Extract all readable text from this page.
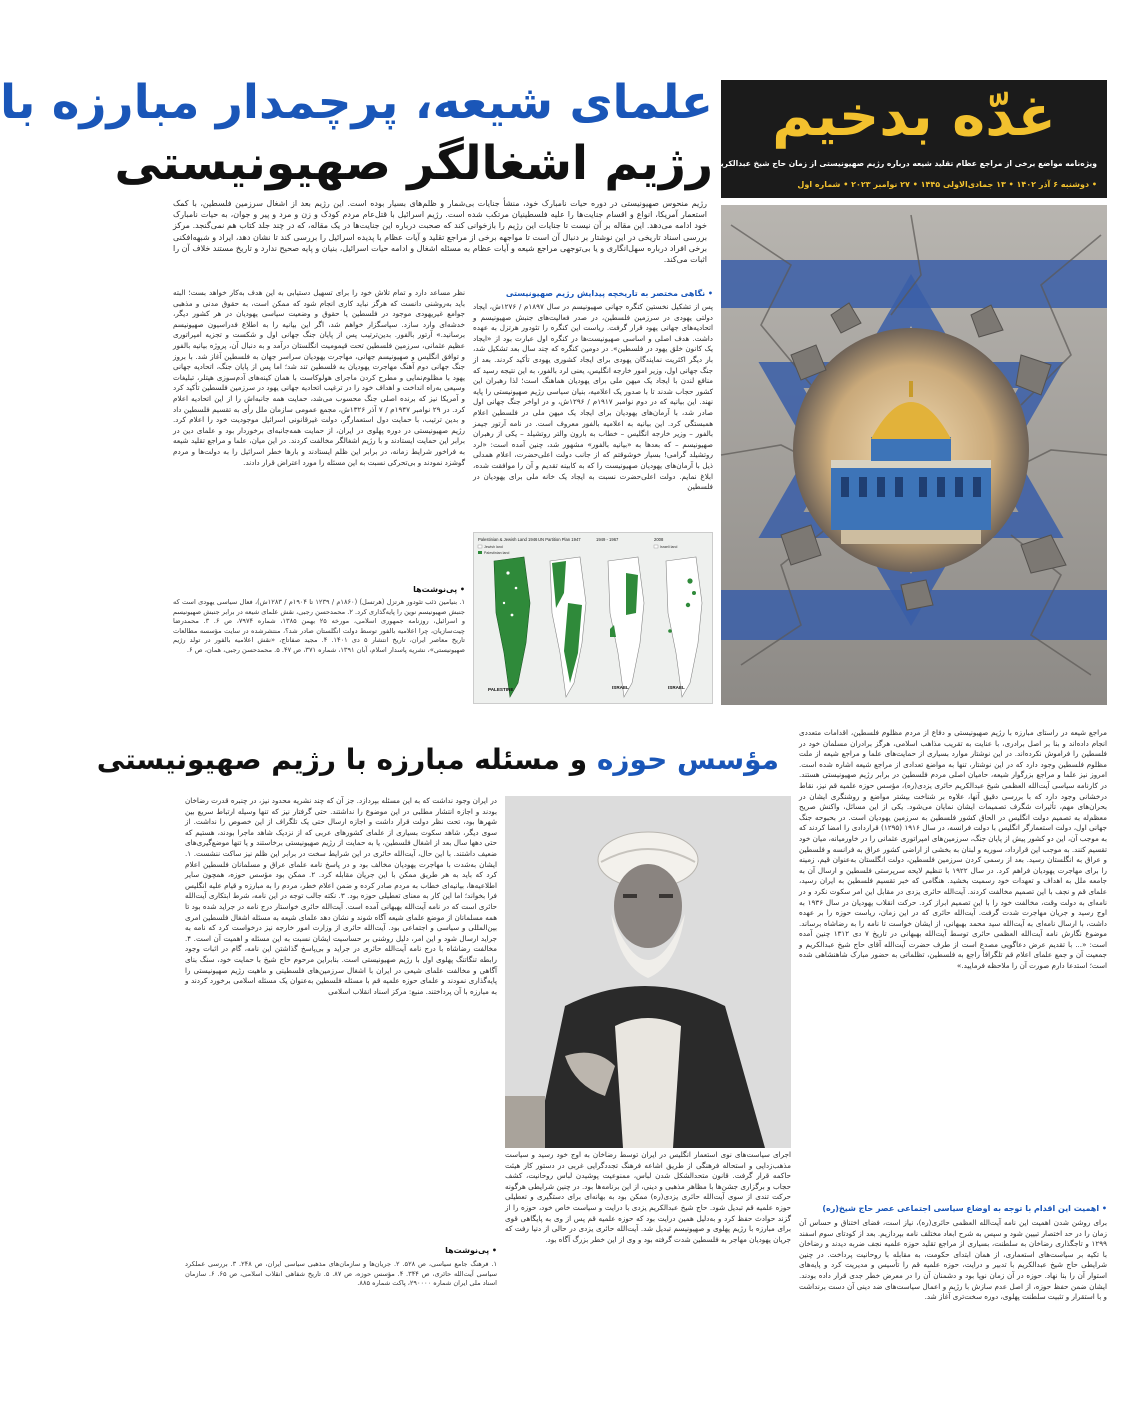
غدّه بدخیم
ویژه‌نامه مواضع برخی از مراجع عظام تقلید شیعه درباره رژیم صهیونیستی از زمان حاج شیخ عبدالکریم یزدی‌(ره) تا امام خمینی(ره)
• دوشنبه ۶ آذر ۱۴۰۲ • ۱۳ جمادی‌الاولی ۱۴۴۵ • ۲۷ نوامبر ۲۰۲۳ • شماره اول
علمای شیعه، پرچمدار مبارزه با
رژیم اشغالگر صهیونیستی
رژیم منحوس صهیونیستی در دوره حیات نامبارک خود، منشأ جنایات بی‌شمار و ظلم‌های بسیار بوده است. این رژیم بعد از اشغال سرزمین فلسطین، با کمک استعمار آمریکا، انواع و اقسام جنایت‌ها را علیه فلسطینیان مرتکب شده است. رژیم اسرائیل با قتل‌عام مردم کودک و زن و مرد و پیر و جوان، به حیات نامبارک خود ادامه می‌دهد. این مقاله بر آن نیست تا جنایات این رژیم را بازخوانی کند که صحبت درباره این جنایت‌ها در یک مقاله، که در چند جلد کتاب هم نمی‌گنجد. مرکز بررسی اسناد تاریخی در این نوشتار بر دنبال آن است تا مواجهه برخی از مراجع تقلید و آیات عظام با پدیده اسرائیل را بررسی کند تا نشان دهد، ایراد و شبهه‌افکنی برخی افراد درباره سهل‌انگاری و یا بی‌توجهی مراجع شیعه و آیات عظام به مسئله اشغال و ادامه حیات اسرائیل، بنیان و پایه صحیح ندارد و تاریخ مستند خلاف آن را اثبات می‌کند.
• نگاهی مختصر به تاریخچه پیدایش رژیم صهیونیستی
پس از تشکیل نخستین کنگره جهانی صهیونیسم در سال ۱۸۹۷م / ۱۲۷۶ش، ایجاد دولتی یهودی در سرزمین فلسطین، در صدر فعالیت‌های جنبش صهیونیسم و اتحادیه‌های جهانی یهود قرار گرفت. ریاست این کنگره را تئودور هرتزل به عهده داشت. هدف اصلی و اساسی صهیونیست‌ها در کنگره اول عبارت بود از «ایجاد یک کانون خلق یهود در فلسطین». در دومین کنگره که چند سال بعد تشکیل شد، بار دیگر اکثریت نمایندگان یهودی برای ایجاد کشوری یهودی تأکید کردند. بعد از جنگ جهانی اول، وزیر امور خارجه انگلیس، یعنی لرد بالفور، به این نتیجه رسید که منافع لندن با ایجاد یک میهن ملی برای یهودیان هماهنگ است؛ لذا رهبران این کشور حجاب شدند تا با صدور یک اعلامیه، بنیان سیاسی رژیم صهیونیستی را پایه نهند. این بیانیه که در دوم نوامبر ۱۹۱۷م / ۱۲۹۶ش، و در اواخر جنگ جهانی اول صادر شد، با آرمان‌های یهودیان برای ایجاد یک میهن ملی در فلسطین اعلام همبستگی کرد. این بیانیه به اعلامیه بالفور معروف است. در نامه آرتور جیمز بالفور – وزیر خارجه انگلیس – خطاب به بارون والتر روتشیلد – یکی از رهبران صهیونیسم – که بعدها به «بیانیه بالفور» مشهور شد، چنین آمده است: «لرد روتشیلد گرامی! بسیار خوشوقتم که از جانب دولت اعلی‌حضرت، اعلام همدلی ذیل با آرمان‌های یهودیان صهیونیست را که به کابینه تقدیم و آن را موافقت شده، ابلاغ نمایم. دولت اعلی‌حضرت نسبت به ایجاد یک خانه ملی برای یهودیان در فلسطین
نظر مساعد دارد و تمام تلاش خود را برای تسهیل دستیابی به این هدف به‌کار خواهد بست؛ البته باید به‌روشنی دانست که هرگز نباید کاری انجام شود که ممکن است، به حقوق مدنی و مذهبی جوامع غیریهودی موجود در فلسطین یا حقوق و وضعیت سیاسی یهودیان در هر کشور دیگر، خدشه‌ای وارد سازد. سپاسگزار خواهم شد، اگر این بیانیه را به اطلاع فدراسیون صهیونیسم برسانید.» آرتور بالفور. بدین‌ترتیب پس از پایان جنگ جهانی اول و شکست و تجزیه امپراتوری عظیم عثمانی، سرزمین فلسطین تحت قیمومیت انگلستان درآمد و به دنبال آن، پروژه بیانیه بالفور و توافق انگلیس و صهیونیسم جهانی، مهاجرت یهودیان سراسر جهان به فلسطین آغاز شد. با بروز جنگ جهانی دوم آهنگ مهاجرت یهودیان به فلسطین تند شد؛ اما پس از پایان جنگ، اتحادیه جهانی یهود با مظلوم‌نمایی و مطرح کردن ماجرای هولوکاست با همان کینه‌های آدم‌سوزی هیتلر، تبلیغات وسیعی به‌راه انداخت و اهداف خود را در ترغیب اتحادیه جهانی یهود در سرزمین فلسطین تأکید کرد و آمریکا نیز که برنده اصلی جنگ محسوب می‌شد، حمایت همه جانبه‌اش را از این اتحادیه اعلام کرد. در ۲۹ نوامبر ۱۹۴۷م / ۷ آذر ۱۳۲۶ش، مجمع عمومی سازمان ملل رأی به تقسیم فلسطین داد و بدین ترتیب، با حمایت دول استعمارگر، دولت غیرقانونی اسرائیل موجودیت خود را اعلام کرد. رژیم صهیونیستی در دوره پهلوی در ایران، از حمایت همه‌جانبه‌ای برخوردار بود و علمای دین در برابر این حمایت ایستادند و با رژیم اشغالگر مخالفت کردند. در این میان، علما و مراجع تقلید شیعه به فراخور شرایط زمانه، در برابر این ظلم ایستادند و بارها خطر اسرائیل را به دولت‌ها و مردم گوشزد نمودند و بی‌تحرکی نسبت به این مسئله را مورد اعتراض قرار دادند.
• پی‌نوشت‌ها
۱. بنیامین ذئب تئودور هرتزل (هرتسل) (۱۸۶۰م / ۱۲۳۹ تا ۱۹۰۴م / ۱۲۸۳ش)، فعال سیاسی یهودی است که جنبش صهیونیسم نوین را پایه‌گذاری کرد. ۲. محمدحسن رجبی، نقش علمای شیعه در برابر جنبش صهیونیسم و اسرائیل، روزنامه جمهوری اسلامی، مورخه ۲۵ بهمن ۱۳۸۵، شماره ۷۹۷۴، ص ۶. ۳. محمدرضا چیت‌سازیان، چرا اعلامیه بالفور توسط دولت انگلستان صادر شد؟، منتشرشده در سایت مؤسسه مطالعات تاریخ معاصر ایران، تاریخ انتشار ۵ دی ۱۴۰۱. ۴. مجید صفاتاج، «نقش اعلامیه بالفور در تولد رژیم صهیونیستی»، نشریه پاسدار اسلام، آبان ۱۳۹۱، شماره ۳۷۱، ص ۴۷. ۵. محمدحسن رجبی، همان، ص ۶.
Palestinian & Jewish Land 1946
Jewish land
Palestinian land
PALESTINE
UN Partition Plan 1947	1949 - 1967
ISRAEL
2008
Israeli land
ISRAEL
مؤسس حوزه و مسئله مبارزه با رژیم صهیونیستی
اجرای سیاست‌های نوی استعمار انگلیس در ایران توسط رضاخان به اوج خود رسید و سیاست مذهب‌زدایی و استحاله فرهنگی از طریق اشاعه فرهنگ تجددگرایی غربی در دستور کار هیئت حاکمه قرار گرفت. قانون متحدالشکل شدن لباس، ممنوعیت پوشیدن لباس روحانیت، کشف حجاب و برگزاری جشن‌ها با مظاهر مذهبی و دینی، از این برنامه‌ها بود. در چنین شرایطی هرگونه حرکت تندی از سوی آیت‌الله حائری یزدی(ره) ممکن بود به بهانه‌ای برای دستگیری و تعطیلی حوزه علمیه قم تبدیل شود. حاج شیخ عبدالکریم یزدی با درایت و سیاست خاص خود، حوزه را از گزند حوادث حفظ کرد و به‌دلیل همین درایت بود که حوزه علمیه قم پس از وی به پایگاهی قوی برای مبارزه با رژیم پهلوی و صهیونیسم تبدیل شد. آیت‌الله حائری یزدی در حالی از دنیا رفت که جریان یهودیان مهاجر به فلسطین شدت گرفته بود و وی از این خطر بزرگ آگاه بود.
در ایران وجود نداشت که به این مسئله بپردازد. جز آن که چند نشریه محدود نیز، در چنبره قدرت رضاخان بودند و اجازه انتشار مطلبی در این موضوع را نداشتند. حتی گرفتار نیز که تنها وسیله ارتباط سریع بین شهرها بود، تحت نظر دولت قرار داشت و اجازه ارسال حتی یک تلگراف از این خصوص را نداشت. از سوی دیگر، شاهد سکوت بسیاری از علمای کشورهای عربی که از نزدیک شاهد ماجرا بودند، هستیم که حتی دهها سال بعد از اشغال فلسطین، یا به حمایت از رژیم صهیونیستی برخاستند و یا تنها موضع‌گیری‌های ضعیف داشتند. با این حال، آیت‌الله حائری در این شرایط سخت در برابر این ظلم نیز ساکت ننشست. ۱. ایشان به‌شدت با مهاجرت یهودیان مخالف بود و در پاسخ نامه علمای عراق و مسلمانان فلسطین اعلام کرد که باید به هر طریق ممکن با این جریان مقابله کرد. ۲. ممکن بود مؤسس حوزه، همچون سایر اطلاعیه‌ها، بیانیه‌ای خطاب به مردم صادر کرده و ضمن اعلام خطر، مردم را به مبارزه و قیام علیه انگلیس فرا بخواند؛ اما این کار به معنای تعطیلی حوزه بود. ۳. نکته جالب توجه در این نامه، شرط ابتکاری آیت‌الله حائری است که در نامه آیت‌الله بهبهانی آمده است. آیت‌الله حائری خواستار درج نامه در جراید شده بود تا همه مسلمانان از موضع علمای شیعه آگاه شوند و نشان دهد علمای شیعه به مسئله اشغال فلسطین امری بین‌المللی و سیاسی و اجتماعی بود. آیت‌الله حائری از وزارت امور خارجه نیز درخواست کرد که نامه به جراید ارسال شود و این امر، دلیل روشنی بر حساسیت ایشان نسبت به این مسئله و اهمیت آن است. ۴. مخالفت رضاشاه با درج نامه آیت‌الله حائری در جراید و بی‌پاسخ گذاشتن این نامه، گام در اثبات وجود رابطه تنگاتنگ پهلوی اول با رژیم صهیونیستی است. بنابراین مرحوم حاج شیخ با حمایت خود، سنگ بنای آگاهی و مخالفت علمای شیعی در ایران با اشغال سرزمین‌های فلسطینی و ماهیت رژیم صهیونیستی را پایه‌گذاری نمودند و علمای حوزه علمیه قم با مسئله فلسطین به‌عنوان یک مسئله اسلامی برخورد کردند و به مبارزه با آن پرداختند. منبع: مرکز اسناد انقلاب اسلامی
• پی‌نوشت‌ها
۱. فرهنگ جامع سیاسی، ص ۵۲۸. ۲. جریان‌ها و سازمان‌های مذهبی سیاسی ایران، ص ۲۴۸. ۳. بررسی عملکرد سیاسی آیت‌الله حائری، ص ۳۴۴. ۴. مؤسس حوزه، ص ۸۷. ۵. تاریخ شفاهی انقلاب اسلامی، ص ۶۵. ۶. سازمان اسناد ملی ایران شماره ۲۹۰۰۰۰، پاکت شماره ۸۸۵.
مراجع شیعه در راستای مبارزه با رژیم صهیونیستی و دفاع از مردم مظلوم فلسطین، اقدامات متعددی انجام داده‌اند و بنا بر اصل برادری، با عنایت به تقریب مذاهب اسلامی، هرگز برادران مسلمان خود در فلسطین را فراموش نکرده‌اند. در این نوشتار موارد بسیاری از حمایت‌های علما و مراجع شیعه از ملت مظلوم فلسطین وجود دارد که در این نوشتار، تنها به مواضع تعدادی از مراجع شیعه اشاره شده است. امروز نیز علما و مراجع بزرگوار شیعه، حامیان اصلی مردم فلسطین در برابر رژیم صهیونیستی هستند. در کارنامه سیاسی آیت‌الله العظمی شیخ عبدالکریم حائری یزدی(ره)، مؤسس حوزه علمیه قم نیز، نقاط درخشانی وجود دارد که با بررسی دقیق آنها، علاوه بر شناخت بیشتر مواضع و روشنگری ایشان در بحران‌های مهم، تأثیرات شگرف تصمیمات ایشان نمایان می‌شود. یکی از این مسائل، واکنش صریح معظم‌له به تصمیم دولت انگلیس در الحاق کشور فلسطین به سرزمین یهودیان است. در بحبوحه جنگ جهانی اول، دولت استعمارگر انگلیس با دولت فرانسه، در سال ۱۹۱۶ (۱۲۹۵) قراردادی را امضا کردند که به موجب آن، این دو کشور پیش از پایان جنگ، سرزمین‌های امپراتوری عثمانی را در خاورمیانه، میان خود تقسیم کنند. به موجب این قرارداد، سوریه و لبنان به بخشی از اراضی کشور عراق به فرانسه و فلسطین و عراق به انگلستان رسید. بعد از رسمی کردن سرزمین فلسطین، دولت انگلستان به‌عنوان قیم، زمینه را برای مهاجرت یهودیان فراهم کرد. در سال ۱۹۲۲ با تنظیم لایحه سرپرستی فلسطین و ارسال آن به جامعه ملل به اهداف و تعهدات خود رسمیت بخشید. هنگامی که خبر تقسیم فلسطین به ایران رسید، علمای قم و نجف با این تصمیم مخالفت کردند. آیت‌الله حائری یزدی در مقابل این امر سکوت نکرد و در نامه‌ای به دولت وقت، مخالفت خود را با این تصمیم ابراز کرد. حرکت انقلاب یهودیان در سال ۱۹۳۶ به اوج رسید و جریان مهاجرت شدت گرفت. آیت‌الله حائری که در این زمان، ریاست حوزه را بر عهده داشت، با ارسال نامه‌ای به آیت‌الله سید محمد بهبهانی، از ایشان خواست تا نامه را به رضاشاه برساند. موضوع نگارش نامه آیت‌الله العظمی حائری توسط آیت‌الله بهبهانی در تاریخ ۷ دی ۱۳۱۲ چنین آمده است: «... با تقدیم عرض دعاگویی مصدع است از طرف حضرت آیت‌الله آقای حاج شیخ عبدالکریم و جمعیت آن و جمع علمای اعلام قم تلگرافاً راجع به فلسطین، تظلماتی به حضور مبارک شاهنشاهی شده است؛ استدعا دارم صورت آن را ملاحظه فرمایید.»
• اهمیت این اقدام با توجه به اوضاع سیاسی اجتماعی عصر حاج شیخ(ره)
برای روشن شدن اهمیت این نامه آیت‌الله العظمی حائری(ره)، نیاز است، فضای اختناق و حساس آن زمان را در حد اختصار تبیین شود و سپس به شرح ابعاد مختلف نامه بپردازیم. بعد از کودتای سوم اسفند ۱۲۹۹ و تاجگذاری رضاخان به سلطنت، بسیاری از مراجع تقلید حوزه علمیه نجف ضربه دیدند و رضاخان با تکیه بر سیاست‌های استعماری، از همان ابتدای حکومت، به مقابله با روحانیت پرداخت. در چنین شرایطی حاج شیخ عبدالکریم با تدبیر و درایت، حوزه علمیه قم را تأسیس و مدیریت کرد و پایه‌های استوار آن را بنا نهاد. حوزه در آن زمان نوپا بود و دشمنان آن را در معرض خطر جدی قرار داده بودند. ایشان ضمن حفظ حوزه، از اصل عدم سازش با رژیم و اعمال سیاست‌های ضد دینی آن دست برنداشت و با استقرار و تثبیت سلطنت پهلوی، دوره سخت‌تری آغاز شد.
